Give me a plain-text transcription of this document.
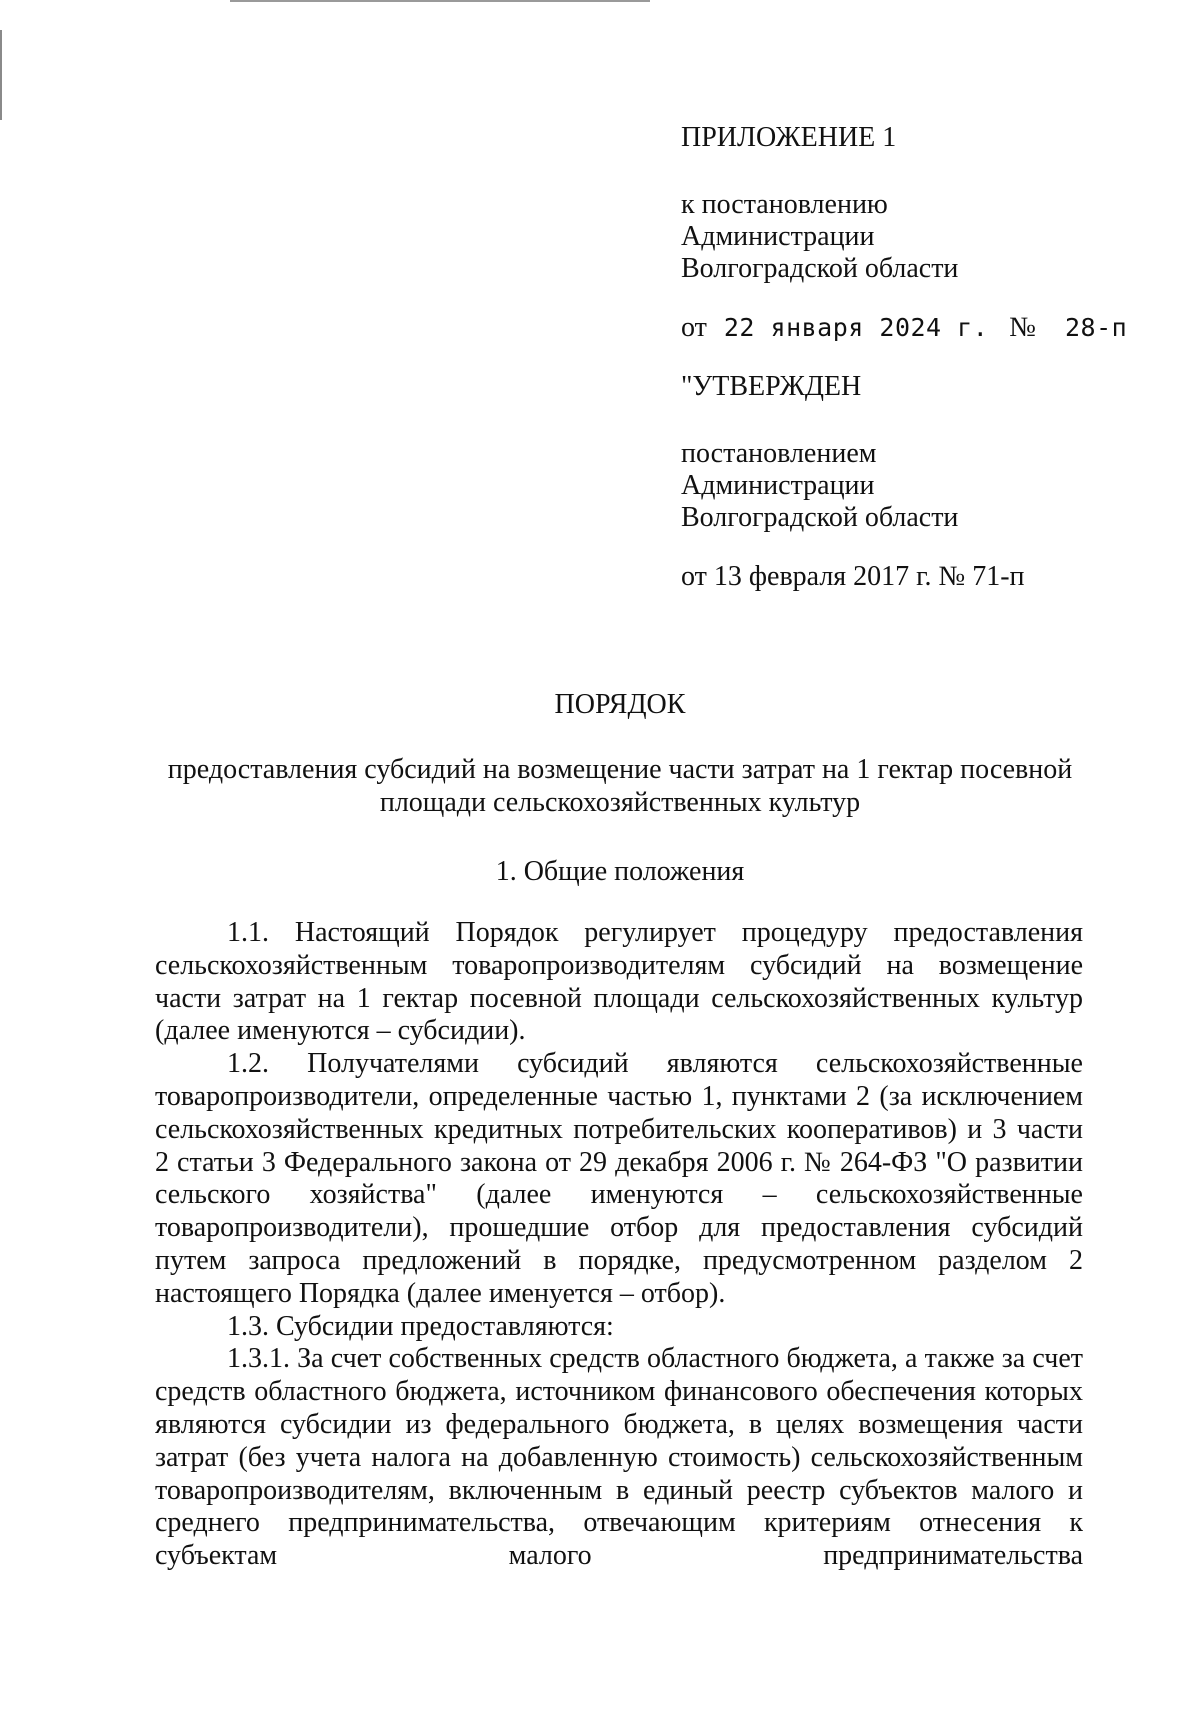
ПРИЛОЖЕНИЕ 1
к постановлению
Администрации
Волгоградской области
от 22 января 2024 г. № 28-п
"УТВЕРЖДЕН
постановлением
Администрации
Волгоградской области
от 13 февраля 2017 г. № 71-п
ПОРЯДОК
предоставления субсидий на возмещение части затрат на 1 гектар посевной
площади сельскохозяйственных культур
1. Общие положения

1.1. Настоящий Порядок регулирует процедуру предоставления сельскохозяйственным товаропроизводителям субсидий на возмещение части затрат на 1 гектар посевной площади сельскохозяйственных культур (далее именуются – субсидии).

1.2. Получателями субсидий являются сельскохозяйственные товаропроизводители, определенные частью 1, пунктами 2 (за исключением сельскохозяйственных кредитных потребительских кооперативов) и 3 части 2 статьи 3 Федерального закона от 29 декабря 2006 г. № 264-ФЗ "О развитии сельского хозяйства" (далее именуются – сельскохозяйственные товаропроизводители), прошедшие отбор для предоставления субсидий путем запроса предложений в порядке, предусмотренном разделом 2 настоящего Порядка (далее именуется – отбор).

1.3. Субсидии предоставляются:

1.3.1. За счет собственных средств областного бюджета, а также за счет средств областного бюджета, источником финансового обеспечения которых являются субсидии из федерального бюджета, в целях возмещения части затрат (без учета налога на добавленную стоимость) сельскохозяйственным товаропроизводителям, включенным в единый реестр субъектов малого и среднего предпринимательства, отвечающим критериям отнесения к субъектам малого предпринимательства
